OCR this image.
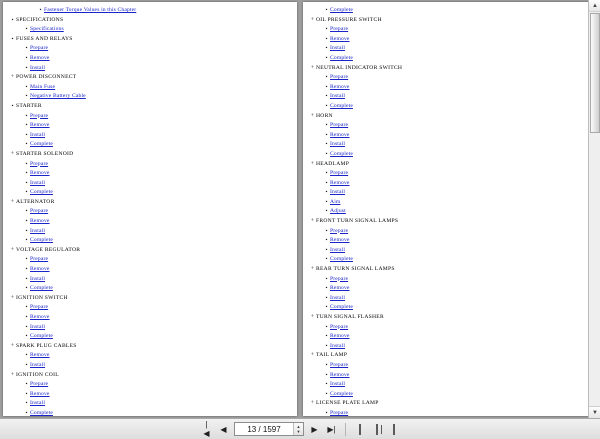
▪ Fastener Torque Values in this Chapter
▪ SPECIFICATIONS
▪ Specifications
▪ FUSES AND RELAYS
▪ Prepare
▪ Remove
▪ Install
+ POWER DISCONNECT
▪ Main Fuse
▪ Negative Battery Cable
▪ STARTER
▪ Prepare
▪ Remove
▪ Install
▪ Complete
+ STARTER SOLENOID
▪ Prepare
▪ Remove
▪ Install
▪ Complete
+ ALTERNATOR
▪ Prepare
▪ Remove
▪ Install
▪ Complete
+ VOLTAGE REGULATOR
▪ Prepare
▪ Remove
▪ Install
▪ Complete
+ IGNITION SWITCH
▪ Prepare
▪ Remove
▪ Install
▪ Complete
+ SPARK PLUG CABLES
▪ Remove
▪ Install
+ IGNITION COIL
▪ Prepare
▪ Remove
▪ Install
▪ Complete
▪ Complete
+ OIL PRESSURE SWITCH
▪ Prepare
▪ Remove
▪ Install
▪ Complete
+ NEUTRAL INDICATOR SWITCH
▪ Prepare
▪ Remove
▪ Install
▪ Complete
+ HORN
▪ Prepare
▪ Remove
▪ Install
▪ Complete
+ HEADLAMP
▪ Prepare
▪ Remove
▪ Install
▪ Aim
▪ Adjust
+ FRONT TURN SIGNAL LAMPS
▪ Prepare
▪ Remove
▪ Install
▪ Complete
+ REAR TURN SIGNAL LAMPS
▪ Prepare
▪ Remove
▪ Install
▪ Complete
+ TURN SIGNAL FLASHER
▪ Prepare
▪ Remove
▪ Install
+ TAIL LAMP
▪ Prepare
▪ Remove
▪ Install
▪ Complete
+ LICENSE PLATE LAMP
▪ Prepare
▲
▼
|◀	◀
13 / 1597	▲
▼	▶	▶|
